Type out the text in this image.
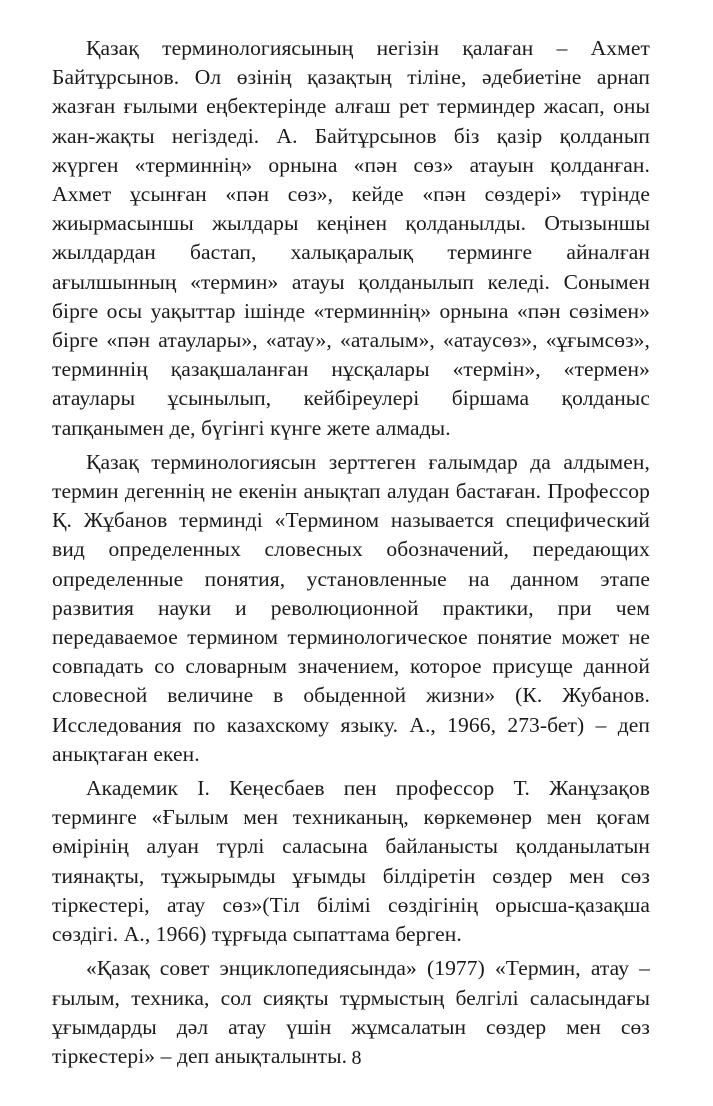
Қазақ терминологиясының негізін қалаған – Ахмет Байтұрсынов. Ол өзінің қазақтың тіліне, әдебиетіне арнап жазған ғылыми еңбектерінде алғаш рет терминдер жасап, оны жан-жақты негіздеді. А. Байтұрсынов біз қазір қолданып жүрген «терминнің» орнына «пән сөз» атауын қолданған. Ахмет ұсынған «пән сөз», кейде «пән сөздері» түрінде жиырмасыншы жылдары кеңінен қолданылды. Отызыншы жылдардан бастап, халықаралық терминге айналған ағылшынның «термин» атауы қолданылып келеді. Сонымен бірге осы уақыттар ішінде «терминнің» орнына «пән сөзімен» бірге «пән атаулары», «атау», «аталым», «атаусөз», «ұғымсөз», терминнің қазақшаланған нұсқалары «термін», «термен» атаулары ұсынылып, кейбіреулері біршама қолданыс тапқанымен де, бүгінгі күнге жете алмады.

Қазақ терминологиясын зерттеген ғалымдар да алдымен, термин дегеннің не екенін анықтап алудан бастаған. Профессор Қ. Жұбанов терминді «Термином называется специфический вид определенных словесных обозначений, передающих определенные понятия, установленные на данном этапе развития науки и революционной практики, при чем передаваемое термином терминологическое понятие может не совпадать со словарным значением, которое присуще данной словесной величине в обыденной жизни» (К. Жубанов. Исследования по казахскому языку. А., 1966, 273-бет) – деп анықтаған екен.

Академик І. Кеңесбаев пен профессор Т. Жанұзақов терминге «Ғылым мен техниканың, көркемөнер мен қоғам өмірінің алуан түрлі саласына байланысты қолданылатын тиянақты, тұжырымды ұғымды білдіретін сөздер мен сөз тіркестері, атау сөз»(Тіл білімі сөздігінің орысша-қазақша сөздігі. А., 1966) тұрғыда сыпаттама берген.

«Қазақ совет энциклопедиясында» (1977) «Термин, атау – ғылым, техника, сол сияқты тұрмыстың белгілі саласындағы ұғымдарды дәл атау үшін жұмсалатын сөздер мен сөз тіркестері» – деп анықталынты. 8
